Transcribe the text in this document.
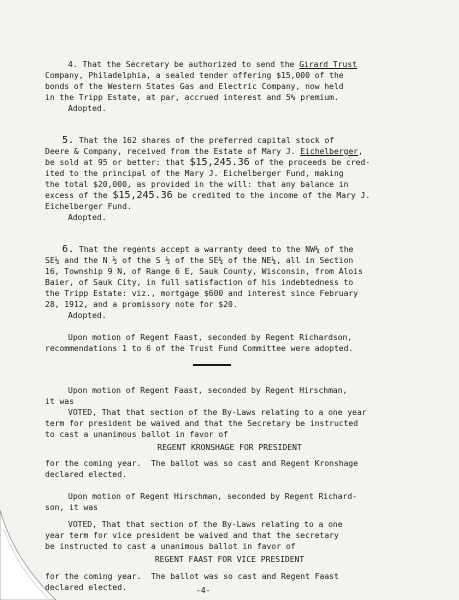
4. That the Secretary be authorized to send the Girard Trust
Company, Philadelphia, a sealed tender offering $15,000 of the
bonds of the Western States Gas and Electric Company, now held
in the Tripp Estate, at par, accrued interest and 5% premium.
Adopted.
5. That the 162 shares of the preferred capital stock of
Deere & Company, received from the Estate of Mary J. Eichelberger,
be sold at 95 or better: that $15,245.36 of the proceeds be cred-
ited to the principal of the Mary J. Eichelberger Fund, making
the total $20,000, as provided in the will: that any balance in
excess of the $15,245.36 be credited to the income of the Mary J.
Eichelberger Fund.
Adopted.
6. That the regents accept a warranty deed to the NW¼ of the
SE¼ and the N ½ of the S ½ of the SE¼ of the NE¼, all in Section
16, Township 9 N, of Range 6 E, Sauk County, Wisconsin, from Alois
Baier, of Sauk City, in full satisfaction of his indebtedness to
the Tripp Estate: viz., mortgage $600 and interest since February
28, 1912, and a promissory note for $20.
Adopted.
Upon motion of Regent Faast, seconded by Regent Richardson,
recommendations 1 to 6 of the Trust Fund Committee were adopted.
Upon motion of Regent Faast, seconded by Regent Hirschman,
it was
VOTED, That that section of the By-Laws relating to a one year
term for president be waived and that the Secretary be instructed
to cast a unanimous ballot in favor of
REGENT KRONSHAGE FOR PRESIDENT
for the coming year.  The ballot was so cast and Regent Kronshage
declared elected.
Upon motion of Regent Hirschman, seconded by Regent Richard-
son, it was
VOTED, That that section of the By-Laws relating to a one
year term for vice president be waived and that the secretary
be instructed to cast a unanimous ballot in favor of
REGENT FAAST FOR VICE PRESIDENT
for the coming year.  The ballot was so cast and Regent Faast
declared elected.	-4-
